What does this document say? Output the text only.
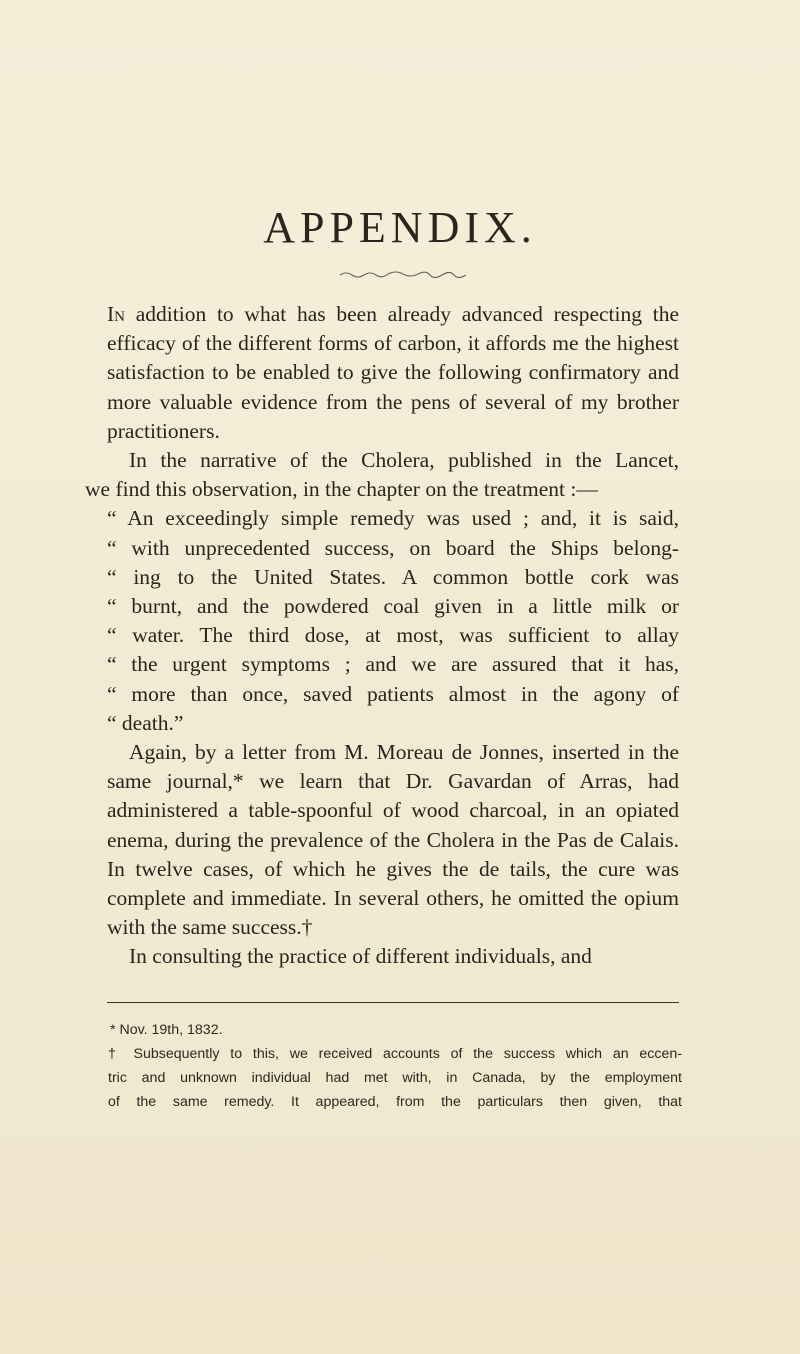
APPENDIX.

In addition to what has been already advanced respecting the efficacy of the different forms of carbon, it affords me the highest satisfaction to be enabled to give the following confirmatory and more valuable evidence from the pens of several of my brother practitioners.

In the narrative of the Cholera, published in the Lancet,
we find this observation, in the chapter on the treatment :—

“ An exceedingly simple remedy was used ; and, it is said,
“ with unprecedented success, on board the Ships belong-
“ ing to the United States. A common bottle cork was
“ burnt, and the powdered coal given in a little milk or
“ water. The third dose, at most, was sufficient to allay
“ the urgent symptoms ; and we are assured that it has,
“ more than once, saved patients almost in the agony of
“ death.”

Again, by a letter from M. Moreau de Jonnes, inserted in the same journal,* we learn that Dr. Gavardan of Arras, had administered a table-spoonful of wood charcoal, in an opiated enema, during the prevalence of the Cholera in the Pas de Calais. In twelve cases, of which he gives the de tails, the cure was complete and immediate. In several others, he omitted the opium with the same success.†

In consulting the practice of different individuals, and

* Nov. 19th, 1832.

† Subsequently to this, we received accounts of the success which an eccen-
tric and unknown individual had met with, in Canada, by the employment
of the same remedy. It appeared, from the particulars then given, that
